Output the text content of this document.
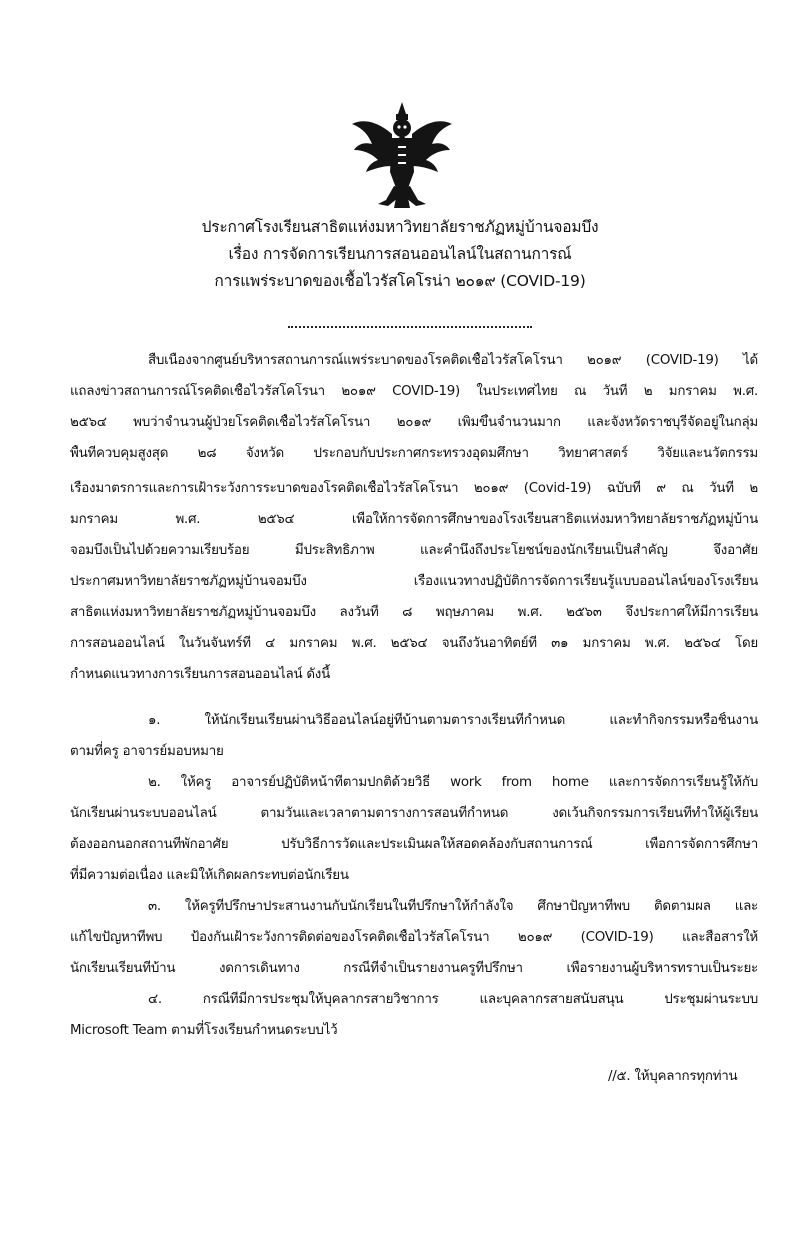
ประกาศโรงเรียนสาธิตแห่งมหาวิทยาลัยราชภัฏหมู่บ้านจอมบึง
เรื่อง การจัดการเรียนการสอนออนไลน์ในสถานการณ์
การแพร่ระบาดของเชื้อไวรัสโคโรน่า ๒๐๑๙ (COVID-19)
สืบเนื่องจากศูนย์บริหารสถานการณ์แพร่ระบาดของโรคติดเชื้อไวรัสโคโรนา ๒๐๑๙ (COVID-19) ได้
แถลงข่าวสถานการณ์โรคติดเชื้อไวรัสโคโรนา ๒๐๑๙ COVID-19) ในประเทศไทย ณ วันที่ ๒ มกราคม พ.ศ.
๒๕๖๔ พบว่าจำนวนผู้ป่วยโรคติดเชื้อไวรัสโคโรนา ๒๐๑๙ เพิ่มขึ้นจำนวนมาก และจังหวัดราชบุรีจัดอยู่ในกลุ่ม
พื้นที่ควบคุมสูงสุด ๒๘ จังหวัด ประกอบกับประกาศกระทรวงอุดมศึกษา วิทยาศาสตร์ วิจัยและนวัตกรรม
เรื่องมาตรการและการเฝ้าระวังการระบาดของโรคติดเชื้อไวรัสโคโรนา ๒๐๑๙ (Covid-19) ฉบับที่ ๙ ณ วันที่ ๒
มกราคม พ.ศ. ๒๕๖๔ เพื่อให้การจัดการศึกษาของโรงเรียนสาธิตแห่งมหาวิทยาลัยราชภัฏหมู่บ้าน
จอมบึงเป็นไปด้วยความเรียบร้อย มีประสิทธิภาพ และคำนึงถึงประโยชน์ของนักเรียนเป็นสำคัญ จึงอาศัย
ประกาศมหาวิทยาลัยราชภัฏหมู่บ้านจอมบึง เรื่องแนวทางปฏิบัติการจัดการเรียนรู้แบบออนไลน์ของโรงเรียน
สาธิตแห่งมหาวิทยาลัยราชภัฏหมู่บ้านจอมบึง ลงวันที่ ๘ พฤษภาคม พ.ศ. ๒๕๖๓ จึงประกาศให้มีการเรียน
การสอนออนไลน์ ในวันจันทร์ที่ ๔ มกราคม พ.ศ. ๒๕๖๔ จนถึงวันอาทิตย์ที่ ๓๑ มกราคม พ.ศ. ๒๕๖๔ โดย
กำหนดแนวทางการเรียนการสอนออนไลน์ ดังนี้
๑. ให้นักเรียนเรียนผ่านวิธีออนไลน์อยู่ที่บ้านตามตารางเรียนที่กำหนด และทำกิจกรรมหรือชิ้นงาน
ตามที่ครู อาจารย์มอบหมาย
๒. ให้ครู อาจารย์ปฏิบัติหน้าที่ตามปกติด้วยวิธี work from home และการจัดการเรียนรู้ให้กับ
นักเรียนผ่านระบบออนไลน์ ตามวันและเวลาตามตารางการสอนที่กำหนด งดเว้นกิจกรรมการเรียนที่ทำให้ผู้เรียน
ต้องออกนอกสถานที่พักอาศัย ปรับวิธีการวัดและประเมินผลให้สอดคล้องกับสถานการณ์ เพื่อการจัดการศึกษา
ที่มีความต่อเนื่อง และมิให้เกิดผลกระทบต่อนักเรียน
๓. ให้ครูที่ปรึกษาประสานงานกับนักเรียนในที่ปรึกษาให้กำลังใจ ศึกษาปัญหาที่พบ ติดตามผล และ
แก้ไขปัญหาที่พบ ป้องกันเฝ้าระวังการติดต่อของโรคติดเชื้อไวรัสโคโรนา ๒๐๑๙ (COVID-19) และสื่อสารให้
นักเรียนเรียนที่บ้าน งดการเดินทาง กรณีที่จำเป็นรายงานครูที่ปรึกษา เพื่อรายงานผู้บริหารทราบเป็นระยะ
๔. กรณีที่มีการประชุมให้บุคลากรสายวิชาการ และบุคลากรสายสนับสนุน ประชุมผ่านระบบ
Microsoft Team ตามที่โรงเรียนกำหนดระบบไว้
//๕. ให้บุคลากรทุกท่าน
